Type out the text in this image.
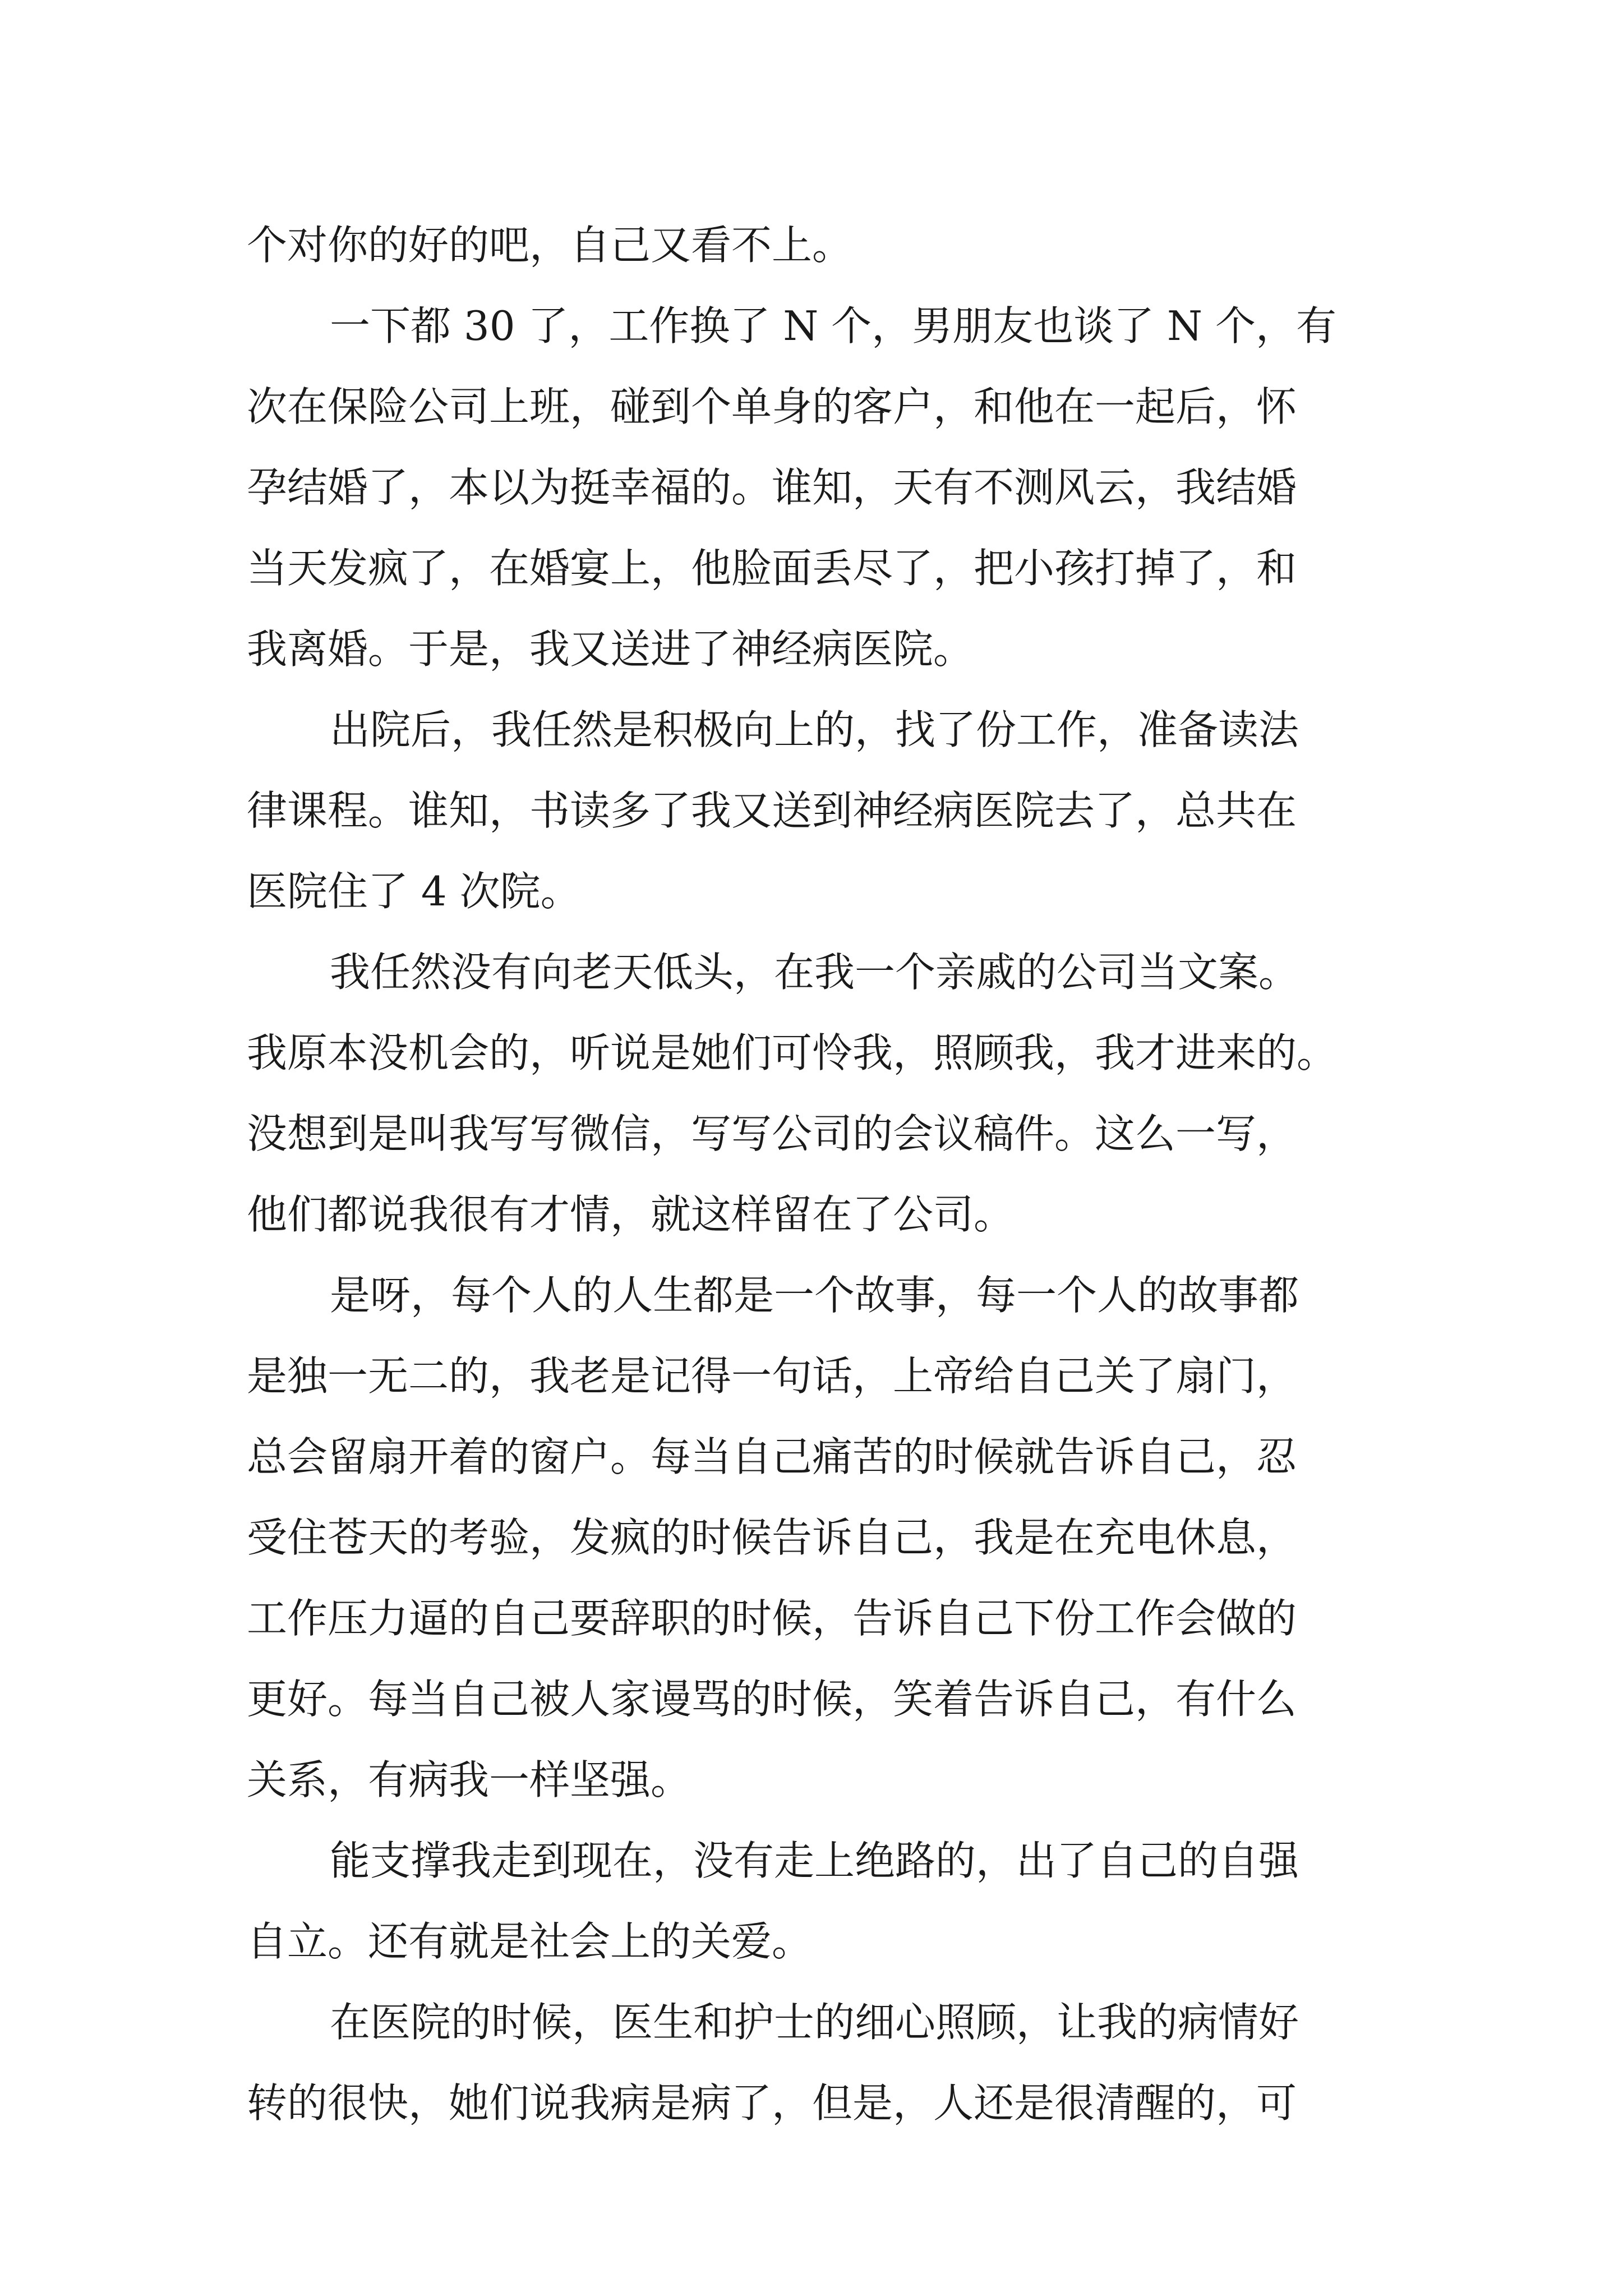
个对你的好的吧，自己又看不上。
一下都 30 了，工作换了 N 个，男朋友也谈了 N 个，有
次在保险公司上班，碰到个单身的客户，和他在一起后，怀
孕结婚了，本以为挺幸福的。谁知，天有不测风云，我结婚
当天发疯了，在婚宴上，他脸面丢尽了，把小孩打掉了，和
我离婚。于是，我又送进了神经病医院。
出院后，我任然是积极向上的，找了份工作，准备读法
律课程。谁知，书读多了我又送到神经病医院去了，总共在
医院住了 4 次院。
我任然没有向老天低头，在我一个亲戚的公司当文案。
我原本没机会的，听说是她们可怜我，照顾我，我才进来的。
没想到是叫我写写微信，写写公司的会议稿件。这么一写，
他们都说我很有才情，就这样留在了公司。
是呀，每个人的人生都是一个故事，每一个人的故事都
是独一无二的，我老是记得一句话，上帝给自己关了扇门，
总会留扇开着的窗户。每当自己痛苦的时候就告诉自己，忍
受住苍天的考验，发疯的时候告诉自己，我是在充电休息，
工作压力逼的自己要辞职的时候，告诉自己下份工作会做的
更好。每当自己被人家谩骂的时候，笑着告诉自己，有什么
关系，有病我一样坚强。
能支撑我走到现在，没有走上绝路的，出了自己的自强
自立。还有就是社会上的关爱。
在医院的时候，医生和护士的细心照顾，让我的病情好
转的很快，她们说我病是病了，但是，人还是很清醒的，可
